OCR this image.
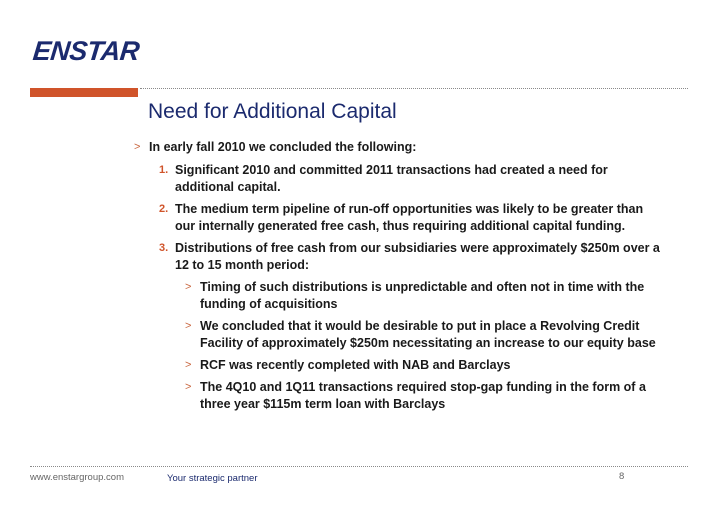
ENSTAR
Need for Additional Capital
> In early fall 2010 we concluded the following:
1. Significant 2010 and committed 2011 transactions had created a need for additional capital.
2. The medium term pipeline of run-off opportunities was likely to be greater than our internally generated free cash, thus requiring additional capital funding.
3. Distributions of free cash from our subsidiaries were approximately $250m over a 12 to 15 month period:
> Timing of such distributions is unpredictable and often not in time with the funding of acquisitions
> We concluded that it would be desirable to put in place a Revolving Credit Facility of approximately $250m necessitating an increase to our equity base
> RCF was recently completed with NAB and Barclays
> The 4Q10 and 1Q11 transactions required stop-gap funding in the form of a three year $115m term loan with Barclays
www.enstargroup.com	Your strategic partner	8
